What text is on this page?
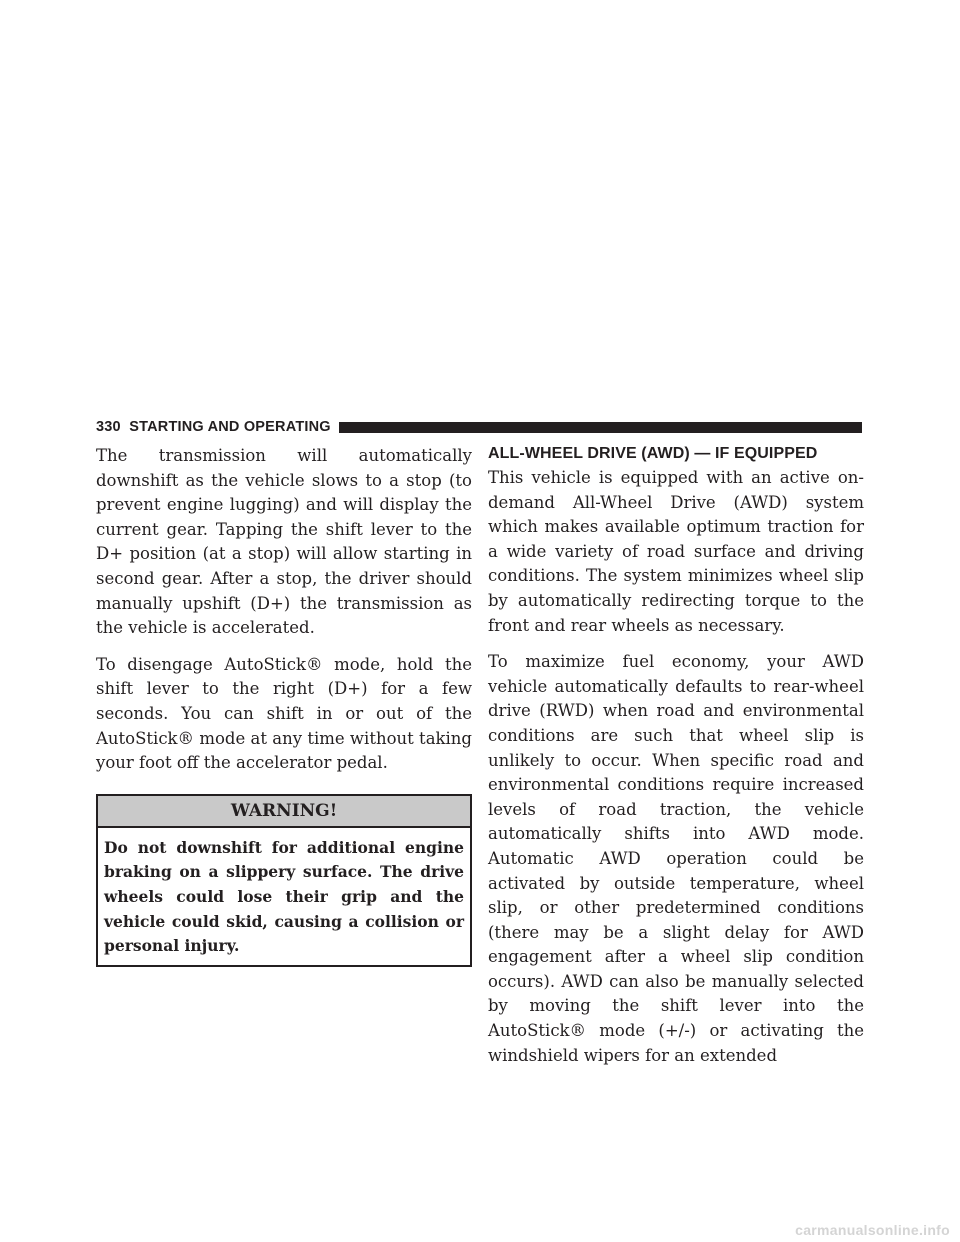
330 STARTING AND OPERATING

The transmission will automatically downshift as the vehicle slows to a stop (to prevent engine lugging) and will display the current gear. Tapping the shift lever to the D+ position (at a stop) will allow starting in second gear. After a stop, the driver should manually upshift (D+) the transmission as the vehicle is accelerated.

To disengage AutoStick® mode, hold the shift lever to the right (D+) for a few seconds. You can shift in or out of the AutoStick® mode at any time without taking your foot off the accelerator pedal.

WARNING!
Do not downshift for additional engine braking on a slippery surface. The drive wheels could lose their grip and the vehicle could skid, causing a collision or personal injury.
ALL-WHEEL DRIVE (AWD) — IF EQUIPPED

This vehicle is equipped with an active on-demand All-Wheel Drive (AWD) system which makes available optimum traction for a wide variety of road surface and driving conditions. The system minimizes wheel slip by automatically redirecting torque to the front and rear wheels as necessary.

To maximize fuel economy, your AWD vehicle automatically defaults to rear-wheel drive (RWD) when road and environmental conditions are such that wheel slip is unlikely to occur. When specific road and environmental conditions require increased levels of road traction, the vehicle automatically shifts into AWD mode. Automatic AWD operation could be activated by outside temperature, wheel slip, or other predetermined conditions (there may be a slight delay for AWD engagement after a wheel slip condition occurs). AWD can also be manually selected by moving the shift lever into the AutoStick® mode (+/-) or activating the windshield wipers for an extended

carmanualsonline.info
